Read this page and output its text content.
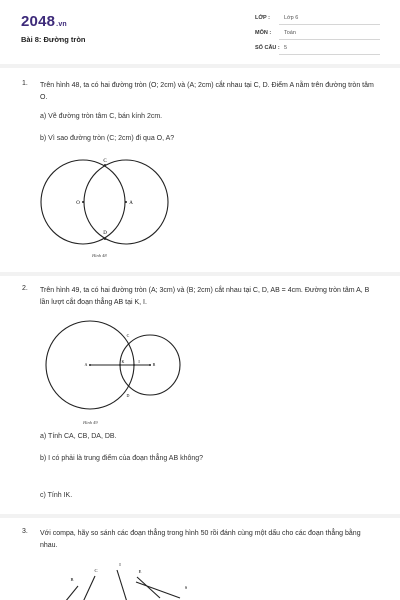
2048.vn
Bài 8: Đường tròn
LỚP :	Lớp 6
MÔN : Toán
SỐ CÂU : 5
1. Trên hình 48, ta có hai đường tròn (O; 2cm) và (A; 2cm) cắt nhau tại C, D. Điểm A nằm trên đường tròn tâm O.
a) Vẽ đường tròn tâm C, bán kính 2cm.
b) Vì sao đường tròn (C; 2cm) đi qua O, A?
C
O	A
D
Hình 48
2. Trên hình 49, ta có hai đường tròn (A; 3cm) và (B; 2cm) cắt nhau tại C, D, AB = 4cm. Đường tròn tâm A, B lần lượt cắt đoạn thẳng AB tại K, I.
C
A
K	I
B
D
Hình 49
a) Tính CA, CB, DA, DB.
b) I có phải là trung điểm của đoạn thẳng AB không?
c) Tính IK.
3. Với compa, hãy so sánh các đoạn thẳng trong hình 50 rồi đánh cùng một dấu cho các đoạn thẳng bằng nhau.
B
C
I
E
S
